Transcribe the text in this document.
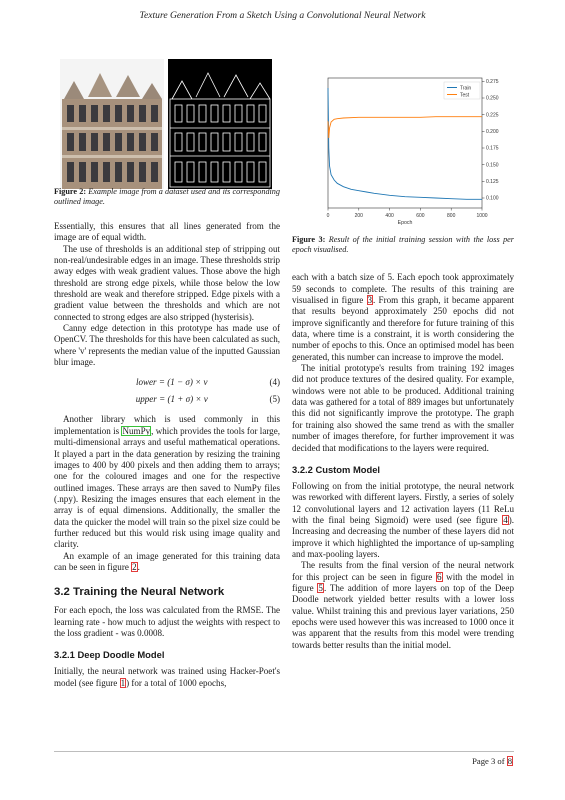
Texture Generation From a Sketch Using a Convolutional Neural Network

Figure 2: Example image from a dataset used and its corresponding outlined image.

Essentially, this ensures that all lines generated from the image are of equal width.

The use of thresholds is an additional step of stripping out non-real/undesirable edges in an image. These thresholds strip away edges with weak gradient values. Those above the high threshold are strong edge pixels, while those below the low threshold are weak and therefore stripped. Edge pixels with a gradient value between the thresholds and which are not connected to strong edges are also stripped (hysterisis).

Canny edge detection in this prototype has made use of OpenCV. The thresholds for this have been calculated as such, where 'v' represents the median value of the inputted Gaussian blur image.

lower = (1 − σ) × v	(4)
upper = (1 + σ) × v	(5)

Another library which is used commonly in this implementation is NumPy, which provides the tools for large, multi-dimensional arrays and useful mathematical operations. It played a part in the data generation by resizing the training images to 400 by 400 pixels and then adding them to arrays; one for the coloured images and one for the respective outlined images. These arrays are then saved to NumPy files (.npy). Resizing the images ensures that each element in the array is of equal dimensions. Additionally, the smaller the data the quicker the model will train so the pixel size could be further reduced but this would risk using image quality and clarity.

An example of an image generated for this training data can be seen in figure 2.

3.2 Training the Neural Network

For each epoch, the loss was calculated from the RMSE. The learning rate - how much to adjust the weights with respect to the loss gradient - was 0.0008.

3.2.1 Deep Doodle Model

Initially, the neural network was trained using Hacker-Poet's model (see figure 1) for a total of 1000 epochs,

0	200	400	600	800	1000
0.100
0.125
0.150
0.175
0.200
0.225
0.250
0.275
Epoch
Train
Test

Figure 3: Result of the initial training session with the loss per epoch visualised.

each with a batch size of 5. Each epoch took approximately 59 seconds to complete. The results of this training are visualised in figure 3. From this graph, it became apparent that results beyond approximately 250 epochs did not improve significantly and therefore for future training of this data, where time is a constraint, it is worth considering the number of epochs to this. Once an optimised model has been generated, this number can increase to improve the model.

The initial prototype's results from training 192 images did not produce textures of the desired quality. For example, windows were not able to be produced. Additional training data was gathered for a total of 889 images but unfortunately this did not significantly improve the prototype. The graph for training also showed the same trend as with the smaller number of images therefore, for further improvement it was decided that modifications to the layers were required.

3.2.2 Custom Model

Following on from the initial prototype, the neural network was reworked with different layers. Firstly, a series of solely 12 convolutional layers and 12 activation layers (11 ReLu with the final being Sigmoid) were used (see figure 4). Increasing and decreasing the number of these layers did not improve it which highlighted the importance of up-sampling and max-pooling layers.

The results from the final version of the neural network for this project can be seen in figure 6 with the model in figure 5. The addition of more layers on top of the Deep Doodle network yielded better results with a lower loss value. Whilst training this and previous layer variations, 250 epochs were used however this was increased to 1000 once it was apparent that the results from this model were trending towards better results than the initial model.

Page 3 of 8
